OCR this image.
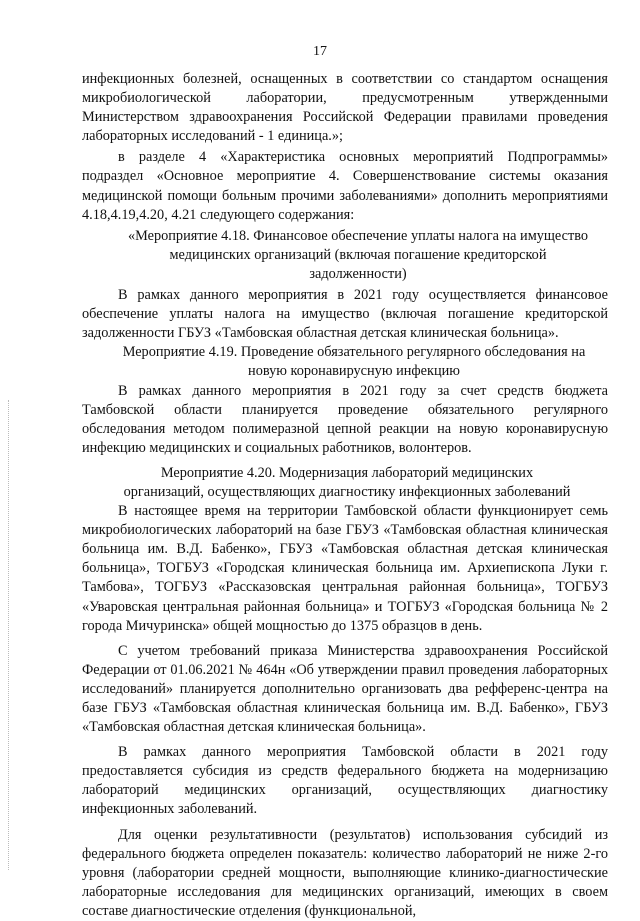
17

инфекционных болезней, оснащенных в соответствии со стандартом оснащения микробиологической лаборатории, предусмотренным утвержденными Министерством здравоохранения Российской Федерации правилами проведения лабораторных исследований - 1 единица.»;

в разделе 4 «Характеристика основных мероприятий Подпрограммы» подраздел «Основное мероприятие 4. Совершенствование системы оказания медицинской помощи больным прочими заболеваниями» дополнить мероприятиями 4.18,4.19,4.20, 4.21 следующего содержания:

«Мероприятие 4.18. Финансовое обеспечение уплаты налога на имущество медицинских организаций (включая погашение кредиторской задолженности)

В рамках данного мероприятия в 2021 году осуществляется финансовое обеспечение уплаты налога на имущество (включая погашение кредиторской задолженности ГБУЗ «Тамбовская областная детская клиническая больница».

Мероприятие 4.19. Проведение обязательного регулярного обследования на новую коронавирусную инфекцию

В рамках данного мероприятия в 2021 году за счет средств бюджета Тамбовской области планируется проведение обязательного регулярного обследования методом полимеразной цепной реакции на новую коронавирусную инфекцию медицинских и социальных работников, волонтеров.

Мероприятие 4.20. Модернизация лабораторий медицинских организаций, осуществляющих диагностику инфекционных заболеваний

В настоящее время на территории Тамбовской области функционирует семь микробиологических лабораторий на базе ГБУЗ «Тамбовская областная клиническая больница им. В.Д. Бабенко», ГБУЗ «Тамбовская областная детская клиническая больница», ТОГБУЗ «Городская клиническая больница им. Архиепископа Луки г. Тамбова», ТОГБУЗ «Рассказовская центральная районная больница», ТОГБУЗ «Уваровская центральная районная больница» и ТОГБУЗ «Городская больница № 2 города Мичуринска» общей мощностью до 1375 образцов в день.

С учетом требований приказа Министерства здравоохранения Российской Федерации от 01.06.2021 № 464н «Об утверждении правил проведения лабораторных исследований» планируется дополнительно организовать два рефференс-центра на базе ГБУЗ «Тамбовская областная клиническая больница им. В.Д. Бабенко», ГБУЗ «Тамбовская областная детская клиническая больница».

В рамках данного мероприятия Тамбовской области в 2021 году предоставляется субсидия из средств федерального бюджета на модернизацию лабораторий медицинских организаций, осуществляющих диагностику инфекционных заболеваний.

Для оценки результативности (результатов) использования субсидий из федерального бюджета определен показатель: количество лабораторий не ниже 2-го уровня (лаборатории средней мощности, выполняющие клинико-диагностические лабораторные исследования для медицинских организаций, имеющих в своем составе диагностические отделения (функциональной,
